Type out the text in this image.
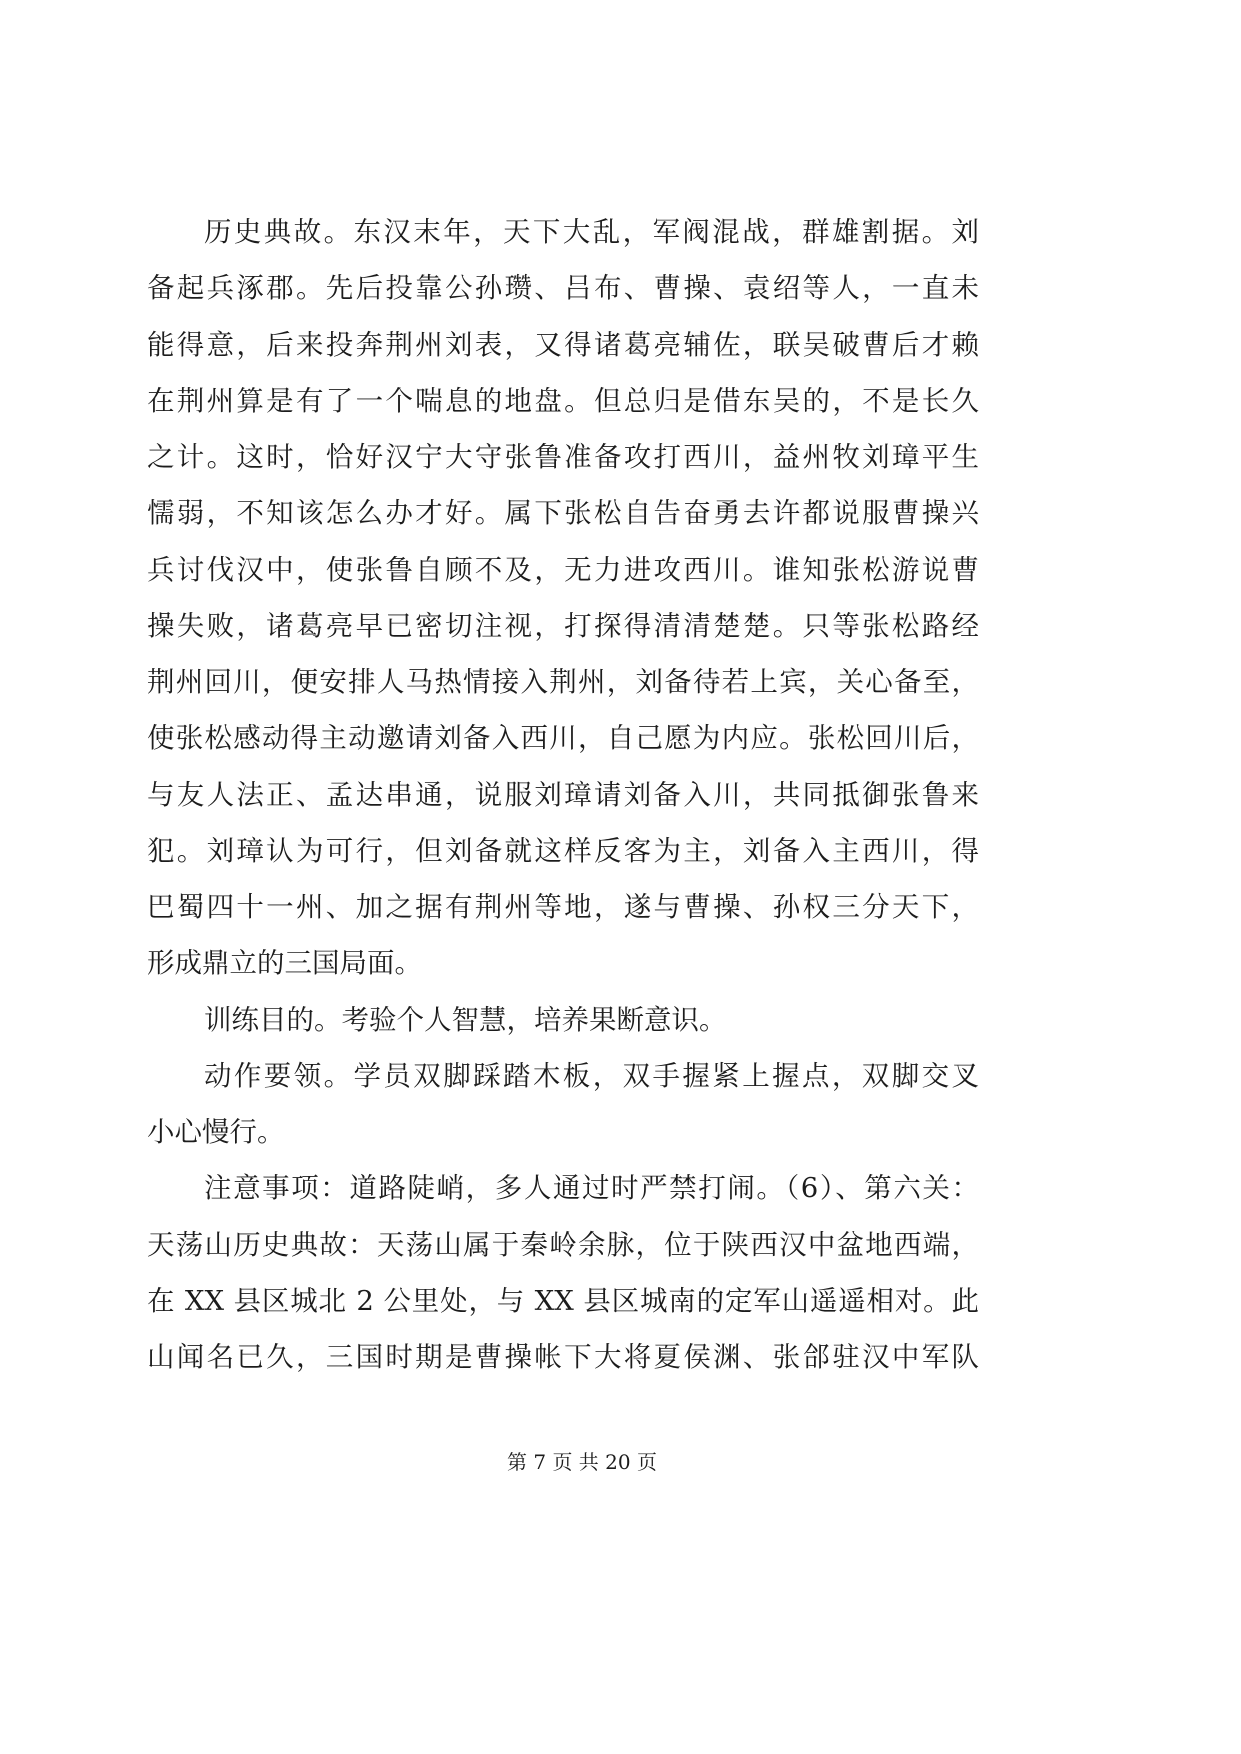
历史典故。东汉末年，天下大乱，军阀混战，群雄割据。刘
备起兵涿郡。先后投靠公孙瓒、吕布、曹操、袁绍等人，一直未
能得意，后来投奔荆州刘表，又得诸葛亮辅佐，联吴破曹后才赖
在荆州算是有了一个喘息的地盘。但总归是借东吴的，不是长久
之计。这时，恰好汉宁大守张鲁准备攻打西川，益州牧刘璋平生
懦弱，不知该怎么办才好。属下张松自告奋勇去许都说服曹操兴
兵讨伐汉中，使张鲁自顾不及，无力进攻西川。谁知张松游说曹
操失败，诸葛亮早已密切注视，打探得清清楚楚。只等张松路经
荆州回川，便安排人马热情接入荆州，刘备待若上宾，关心备至，
使张松感动得主动邀请刘备入西川，自己愿为内应。张松回川后，
与友人法正、孟达串通，说服刘璋请刘备入川，共同抵御张鲁来
犯。刘璋认为可行，但刘备就这样反客为主，刘备入主西川，得
巴蜀四十一州、加之据有荆州等地，遂与曹操、孙权三分天下，
形成鼎立的三国局面。
训练目的。考验个人智慧，培养果断意识。
动作要领。学员双脚踩踏木板，双手握紧上握点，双脚交叉
小心慢行。
注意事项：道路陡峭，多人通过时严禁打闹。（6）、第六关：
天荡山历史典故：天荡山属于秦岭余脉，位于陕西汉中盆地西端，
在 XX 县区城北 2 公里处，与 XX 县区城南的定军山遥遥相对。此
山闻名已久，三国时期是曹操帐下大将夏侯渊、张郃驻汉中军队
第 7 页 共 20 页
